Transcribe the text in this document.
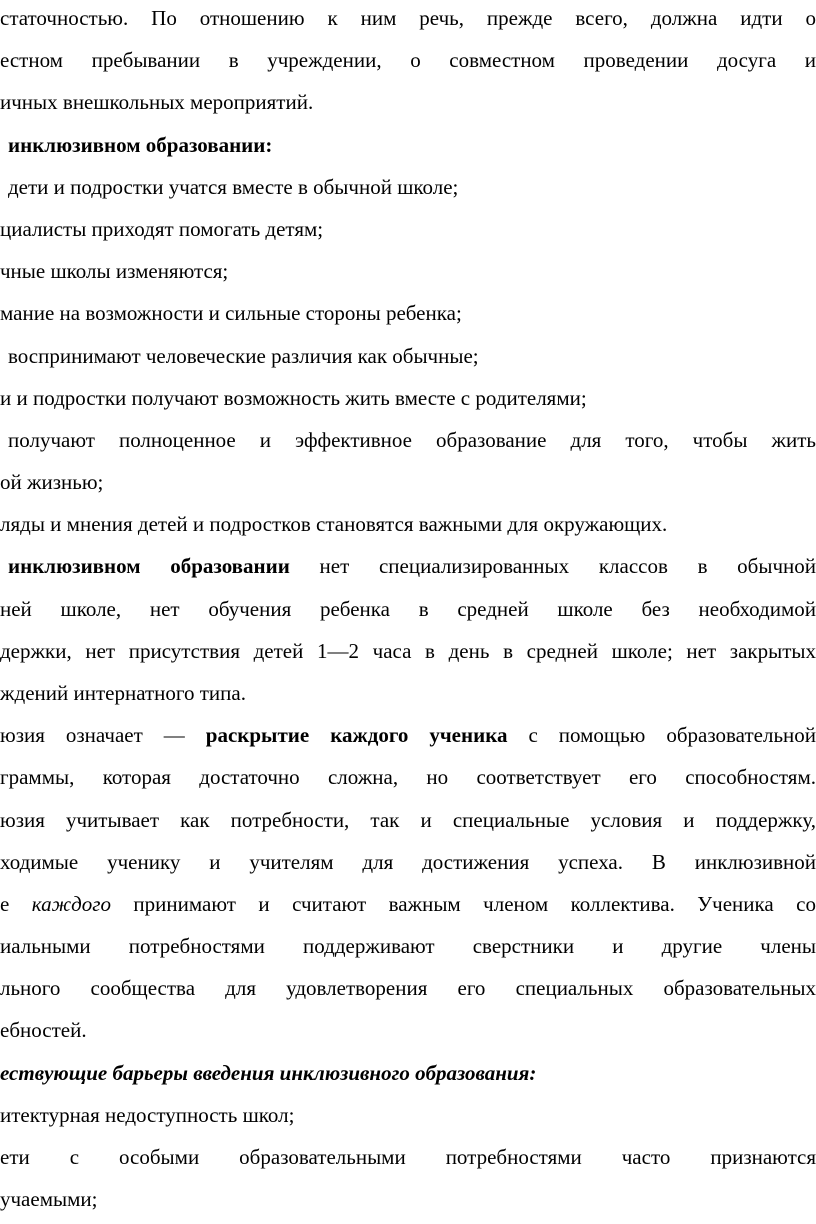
статочностью. По отношению к ним речь, прежде всего, должна идти о
естном пребывании в учреждении, о совместном проведении досуга и
ичных внешкольных мероприятий.
инклюзивном образовании:
дети и подростки учатся вместе в обычной школе;
циалисты приходят помогать детям;
чные школы изменяются;
мание на возможности и сильные стороны ребенка;
воспринимают человеческие различия как обычные;
и и подростки получают возможность жить вместе с родителями;
получают полноценное и эффективное образование для того, чтобы жить
ой жизнью;
ляды и мнения детей и подростков становятся важными для окружающих.
инклюзивном образовании нет специализированных классов в обычной
ней школе, нет обучения ребенка в средней школе без необходимой
держки, нет присутствия детей 1—2 часа в день в средней школе; нет закрытых
ждений интернатного типа.
юзия означает — раскрытие каждого ученика с помощью образовательной
граммы, которая достаточно сложна, но соответствует его способностям.
юзия учитывает как потребности, так и специальные условия и поддержку,
ходимые ученику и учителям для достижения успеха. В инклюзивной
е каждого принимают и считают важным членом коллектива. Ученика со
иальными потребностями поддерживают сверстники и другие члены
льного сообщества для удовлетворения его специальных образовательных
ебностей.
ествующие барьеры введения инклюзивного образования:
итектурная недоступность школ;
ети с особыми образовательными потребностями часто признаются
учаемыми;
